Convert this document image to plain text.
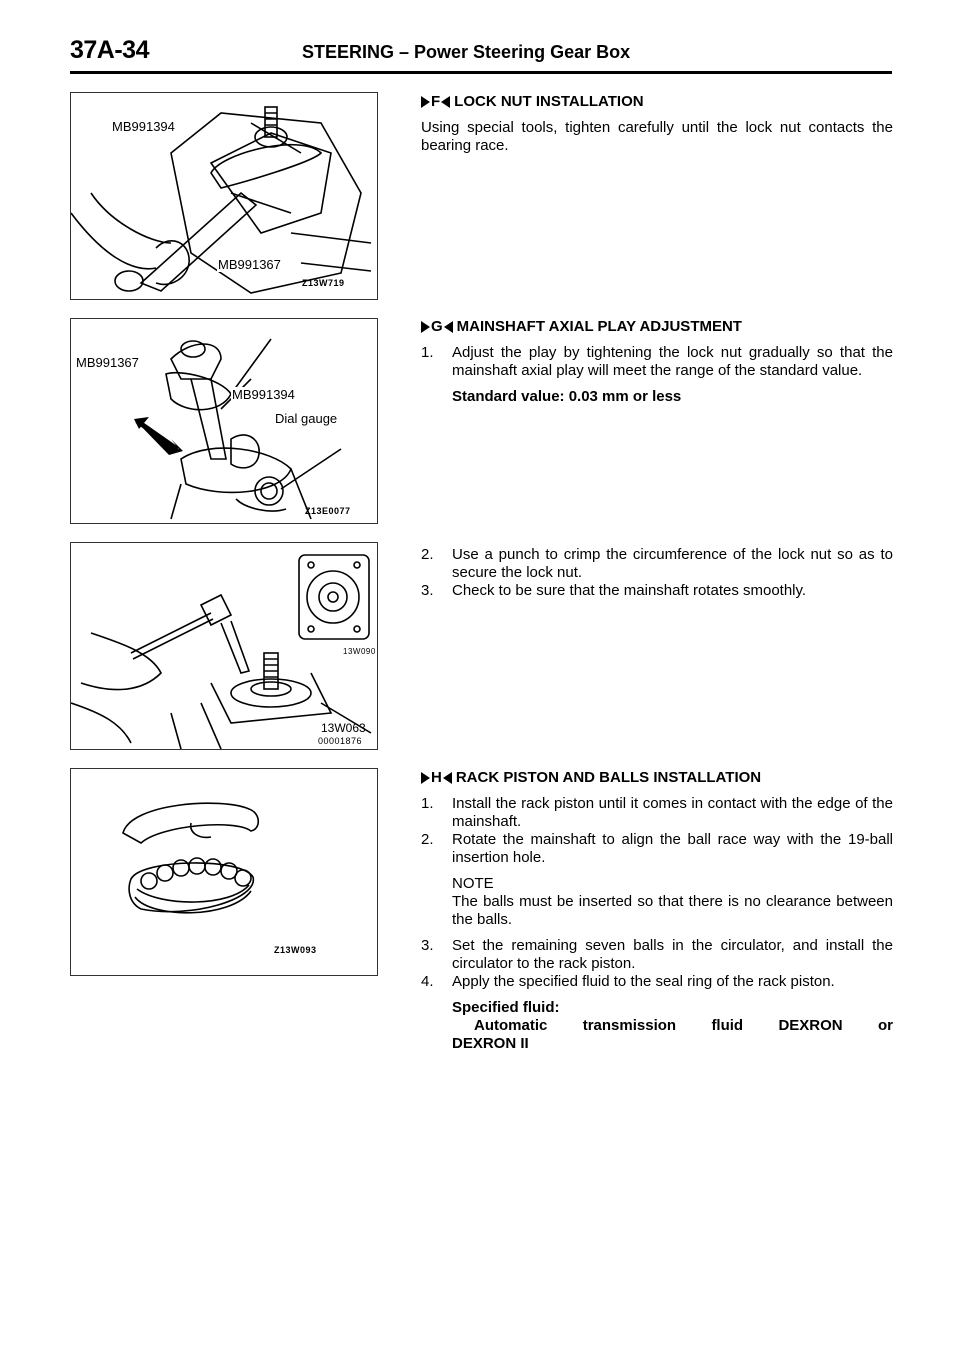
37A-34	STEERING – Power Steering Gear Box
MB991394
MB991367
Z13W719
MB991367
MB991394
Dial gauge
Z13E0077
13W090
13W063
00001876
Z13W093
F LOCK NUT INSTALLATION
Using special tools, tighten carefully until the lock nut contacts the bearing race.
G MAINSHAFT AXIAL PLAY ADJUSTMENT
1.	Adjust the play by tightening the lock nut gradually so that the mainshaft axial play will meet the range of the standard value.
Standard value: 0.03 mm or less
2.	Use a punch to crimp the circumference of the lock nut so as to secure the lock nut.
3.	Check to be sure that the mainshaft rotates smoothly.
H RACK PISTON AND BALLS INSTALLATION
1.	Install the rack piston until it comes in contact with the edge of the mainshaft.
2.	Rotate the mainshaft to align the ball race way with the 19-ball insertion hole.
NOTE
The balls must be inserted so that there is no clearance between the balls.
3.	Set the remaining seven balls in the circulator, and install the circulator to the rack piston.
4.	Apply the specified fluid to the seal ring of the rack piston.
Specified fluid:
Automatic transmission fluid DEXRON or
DEXRON II
